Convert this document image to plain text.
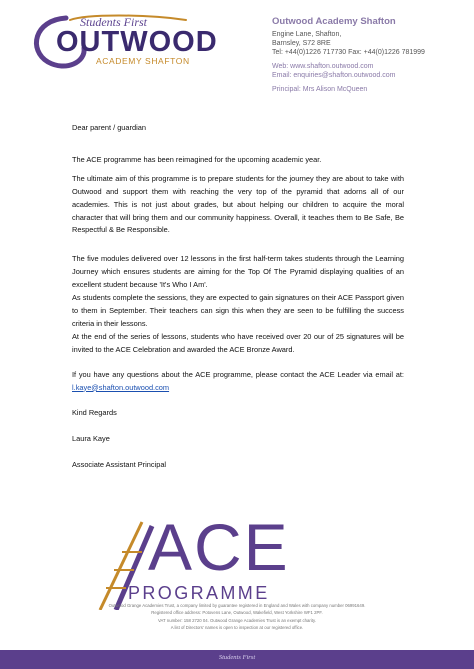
Students First
OUTWOOD
ACADEMY SHAFTON
Outwood Academy Shafton
Engine Lane, Shafton,
Barnsley, S72 8RE
Tel: +44(0)1226 717730 Fax: +44(0)1226 781999
Web: www.shafton.outwood.com
Email: enquiries@shafton.outwood.com
Principal: Mrs Alison McQueen

Dear parent / guardian

The ACE programme has been reimagined for the upcoming academic year.

The ultimate aim of this programme is to prepare students for the journey they are about to take with Outwood and support them with reaching the very top of the pyramid that adorns all of our academies. This is not just about grades, but about helping our children to acquire the moral character that will bring them and our community happiness. Overall, it teaches them to Be Safe, Be Respectful & Be Responsible.

The five modules delivered over 12 lessons in the first half-term takes students through the Learning Journey which ensures students are aiming for the Top Of The Pyramid displaying qualities of an excellent student because 'It's Who I Am'.

As students complete the sessions, they are expected to gain signatures on their ACE Passport given to them in September. Their teachers can sign this when they are seen to be fulfilling the success criteria in their lessons.

At the end of the series of lessons, students who have received over 20 our of 25 signatures will be invited to the ACE Celebration and awarded the ACE Bronze Award.

If you have any questions about the ACE programme, please contact the ACE Leader via email at: l.kaye@shafton.outwood.com

Kind Regards

Laura Kaye

Associate Assistant Principal

ACE
PROGRAMME
Outwood Grange Academies Trust, a company limited by guarantee registered in England and Wales with company number 06991649.
Registered office address: Potovens Lane, Outwood, Wakefield, West Yorkshire WF1 2PF.
VAT number: 158 2720 04. Outwood Grange Academies Trust is an exempt charity.
A list of Directors' names is open to inspection at our registered office.
Students First
